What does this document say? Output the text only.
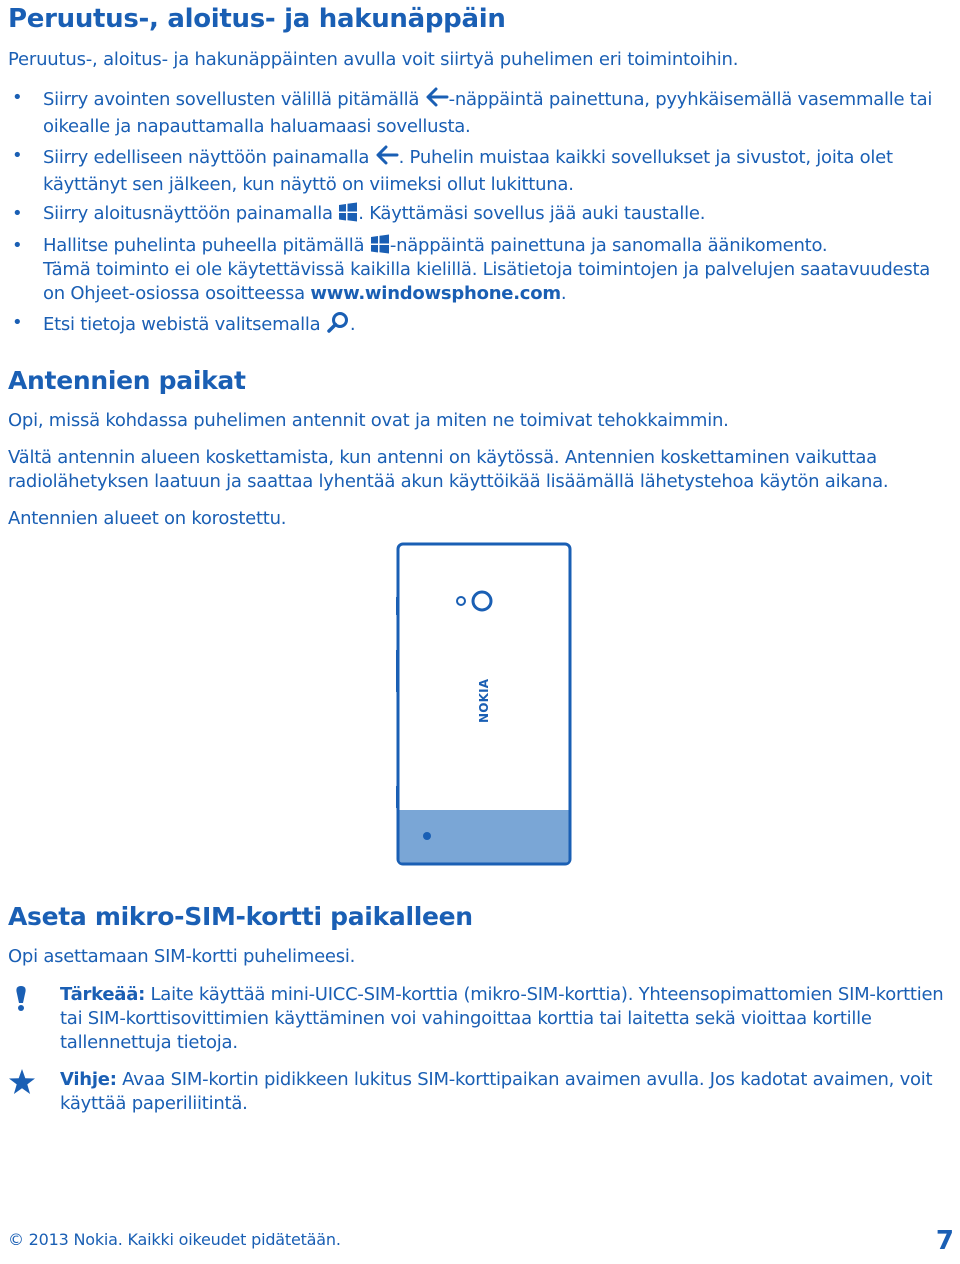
Peruutus-, aloitus- ja hakunäppäin
Peruutus-, aloitus- ja hakunäppäinten avulla voit siirtyä puhelimen eri toimintoihin.
• Siirry avointen sovellusten välillä pitämällä -näppäintä painettuna, pyyhkäisemällä vasemmalle tai oikealle ja napauttamalla haluamaasi sovellusta.
• Siirry edelliseen näyttöön painamalla . Puhelin muistaa kaikki sovellukset ja sivustot, joita olet käyttänyt sen jälkeen, kun näyttö on viimeksi ollut lukittuna.
• Siirry aloitusnäyttöön painamalla . Käyttämäsi sovellus jää auki taustalle.
• Hallitse puhelinta puheella pitämällä -näppäintä painettuna ja sanomalla äänikomento.
Tämä toiminto ei ole käytettävissä kaikilla kielillä. Lisätietoja toimintojen ja palvelujen saatavuudesta on Ohjeet-osiossa osoitteessa www.windowsphone.com.
• Etsi tietoja webistä valitsemalla .
Antennien paikat
Opi, missä kohdassa puhelimen antennit ovat ja miten ne toimivat tehokkaimmin.
Vältä antennin alueen koskettamista, kun antenni on käytössä. Antennien koskettaminen vaikuttaa radiolähetyksen laatuun ja saattaa lyhentää akun käyttöikää lisäämällä lähetystehoa käytön aikana.
Antennien alueet on korostettu.
NOKIA
Aseta mikro-SIM-kortti paikalleen
Opi asettamaan SIM-kortti puhelimeesi.
Tärkeää: Laite käyttää mini-UICC-SIM-korttia (mikro-SIM-korttia). Yhteensopimattomien SIM-korttien tai SIM-korttisovittimien käyttäminen voi vahingoittaa korttia tai laitetta sekä vioittaa kortille tallennettuja tietoja.
Vihje: Avaa SIM-kortin pidikkeen lukitus SIM-korttipaikan avaimen avulla. Jos kadotat avaimen, voit käyttää paperiliitintä.
© 2013 Nokia. Kaikki oikeudet pidätetään.	7
